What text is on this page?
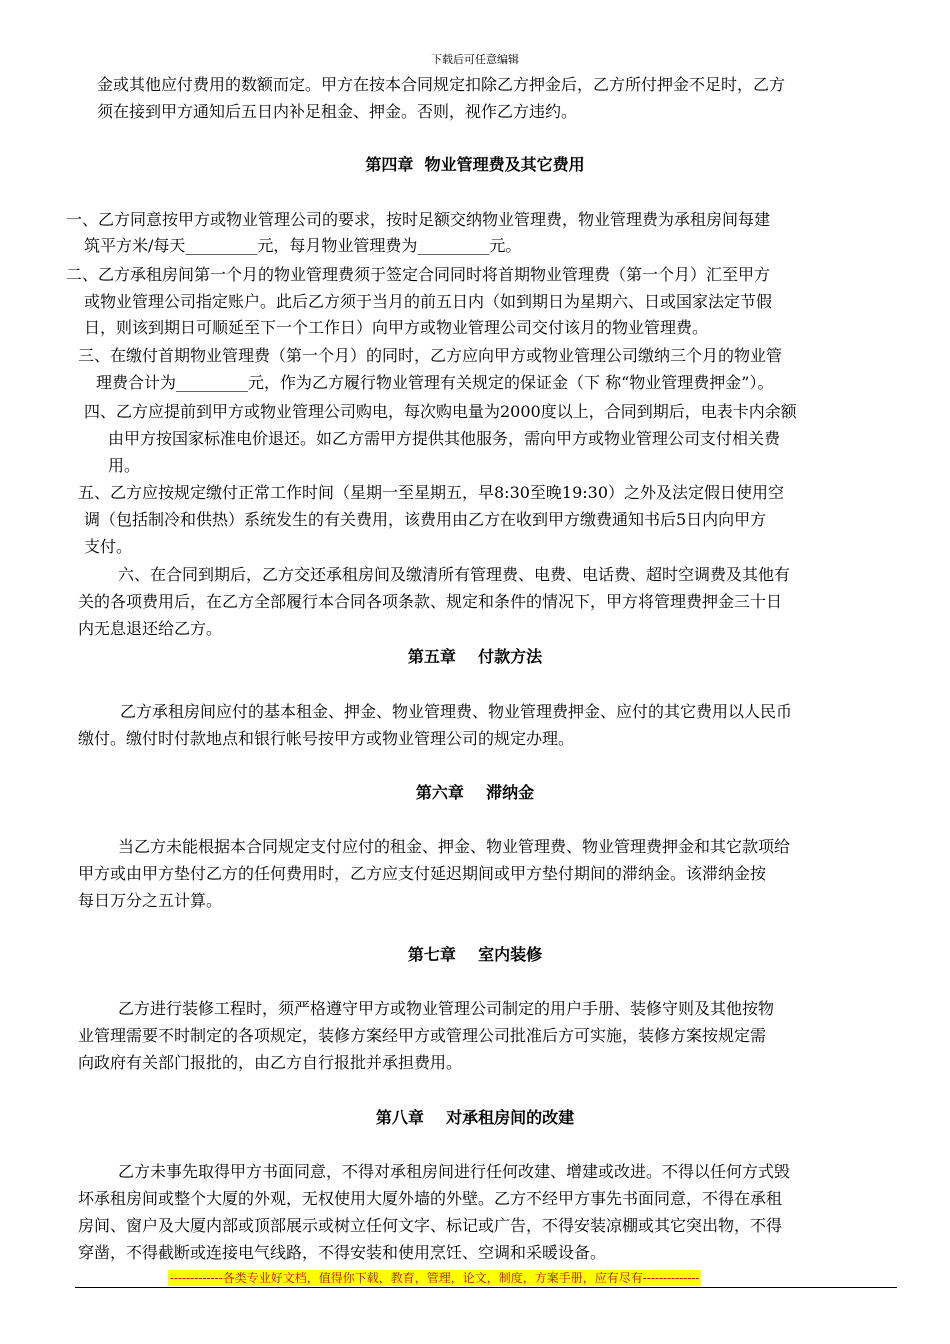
下载后可任意编辑
金或其他应付费用的数额而定。甲方在按本合同规定扣除乙方押金后，乙方所付押金不足时，乙方
须在接到甲方通知后五日内补足租金、押金。否则，视作乙方违约。
第四章  物业管理费及其它费用
一、乙方同意按甲方或物业管理公司的要求，按时足额交纳物业管理费，物业管理费为承租房间每建
筑平方米/每天_________元，每月物业管理费为_________元。
二、乙方承租房间第一个月的物业管理费须于签定合同同时将首期物业管理费（第一个月）汇至甲方
或物业管理公司指定账户。此后乙方须于当月的前五日内（如到期日为星期六、日或国家法定节假
日，则该到期日可顺延至下一个工作日）向甲方或物业管理公司交付该月的物业管理费。
三、在缴付首期物业管理费（第一个月）的同时，乙方应向甲方或物业管理公司缴纳三个月的物业管
理费合计为_________元，作为乙方履行物业管理有关规定的保证金（下 称“物业管理费押金”）。
四、乙方应提前到甲方或物业管理公司购电，每次购电量为2000度以上，合同到期后，电表卡内余额
由甲方按国家标准电价退还。如乙方需甲方提供其他服务，需向甲方或物业管理公司支付相关费
用。
五、乙方应按规定缴付正常工作时间（星期一至星期五，早8:30至晚19:30）之外及法定假日使用空
调（包括制冷和供热）系统发生的有关费用，该费用由乙方在收到甲方缴费通知书后5日内向甲方
支付。
六、在合同到期后，乙方交还承租房间及缴清所有管理费、电费、电话费、超时空调费及其他有
关的各项费用后，在乙方全部履行本合同各项条款、规定和条件的情况下，甲方将管理费押金三十日
内无息退还给乙方。
第五章    付款方法
乙方承租房间应付的基本租金、押金、物业管理费、物业管理费押金、应付的其它费用以人民币
缴付。缴付时付款地点和银行帐号按甲方或物业管理公司的规定办理。
第六章    滞纳金
当乙方未能根据本合同规定支付应付的租金、押金、物业管理费、物业管理费押金和其它款项给
甲方或由甲方垫付乙方的任何费用时，乙方应支付延迟期间或甲方垫付期间的滞纳金。该滞纳金按
每日万分之五计算。
第七章    室内装修
乙方进行装修工程时，须严格遵守甲方或物业管理公司制定的用户手册、装修守则及其他按物
业管理需要不时制定的各项规定，装修方案经甲方或管理公司批准后方可实施，装修方案按规定需
向政府有关部门报批的，由乙方自行报批并承担费用。
第八章    对承租房间的改建
乙方未事先取得甲方书面同意，不得对承租房间进行任何改建、增建或改进。不得以任何方式毁
坏承租房间或整个大厦的外观，无权使用大厦外墙的外壁。乙方不经甲方事先书面同意，不得在承租
房间、窗户及大厦内部或顶部展示或树立任何文字、标记或广告，不得安装凉棚或其它突出物，不得
穿凿，不得截断或连接电气线路，不得安装和使用烹饪、空调和采暖设备。
-------------各类专业好文档，值得你下载，教育，管理，论文，制度，方案手册，应有尽有--------------
